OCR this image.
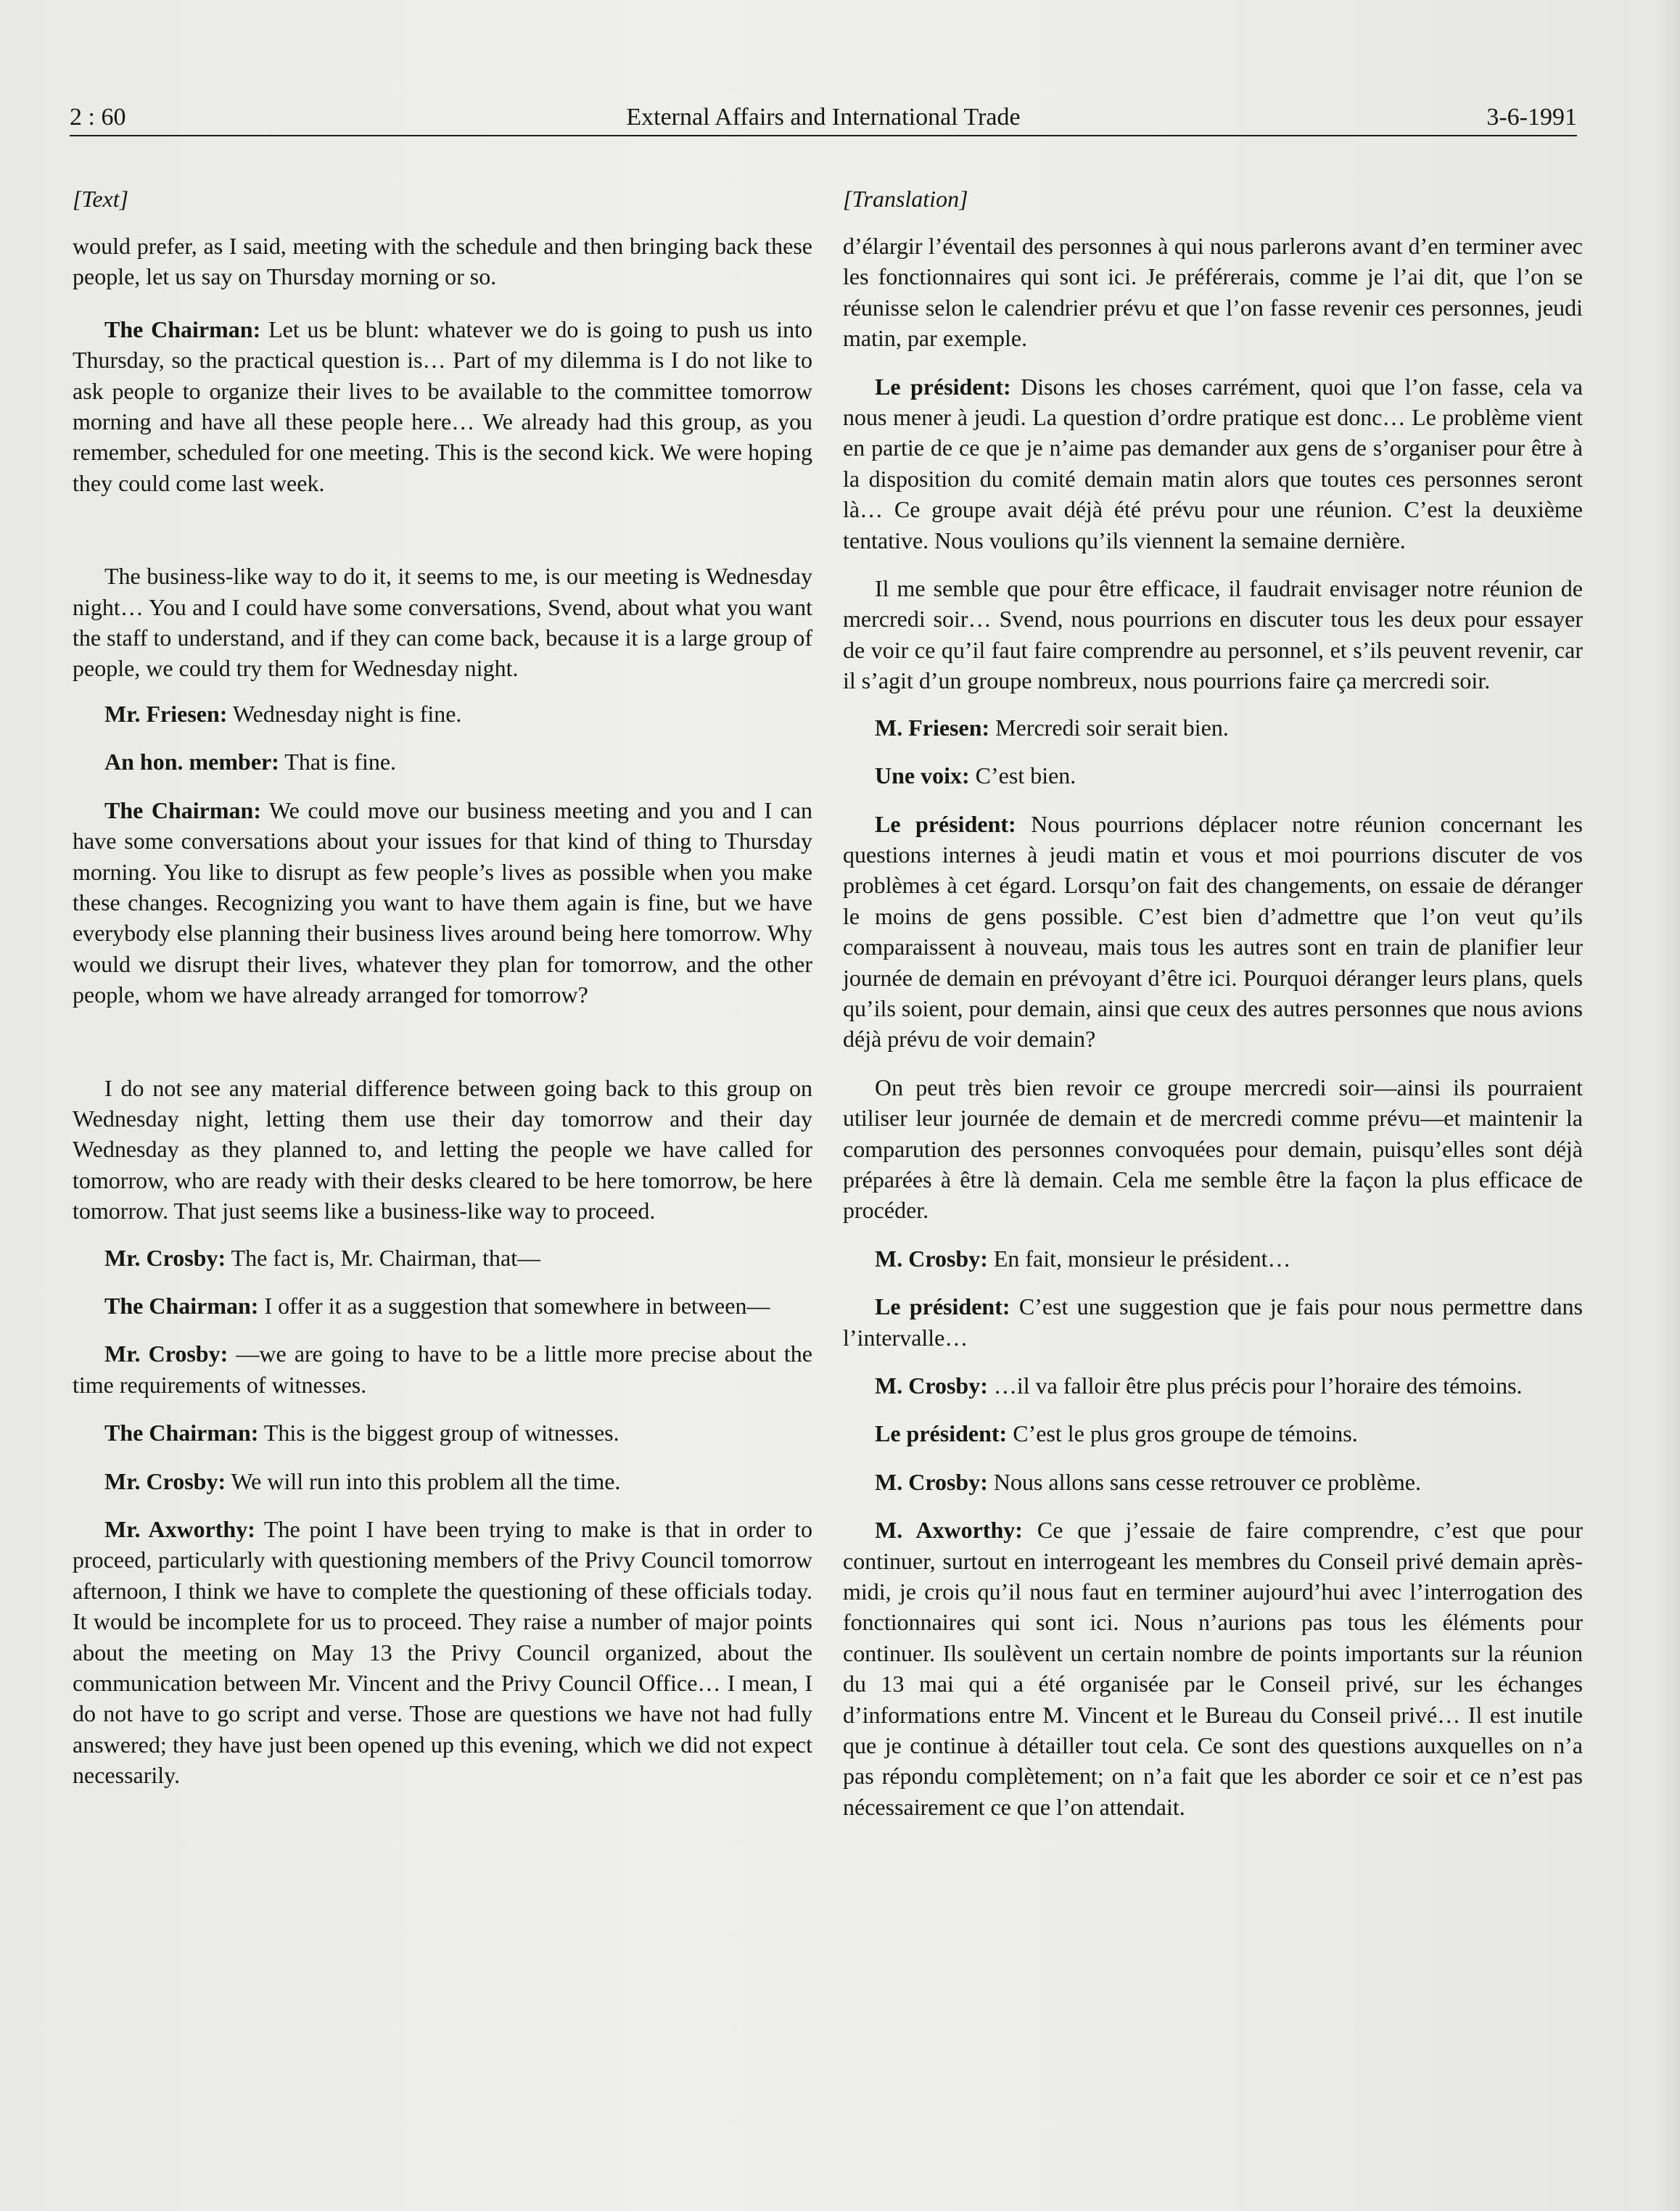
2 : 60	External Affairs and International Trade	3-6-1991
[Text]

would prefer, as I said, meeting with the schedule and then bringing back these people, let us say on Thursday morning or so.

The Chairman: Let us be blunt: whatever we do is going to push us into Thursday, so the practical question is… Part of my dilemma is I do not like to ask people to organize their lives to be available to the committee tomorrow morning and have all these people here… We already had this group, as you remember, scheduled for one meeting. This is the second kick. We were hoping they could come last week.

The business-like way to do it, it seems to me, is our meeting is Wednesday night… You and I could have some conversations, Svend, about what you want the staff to understand, and if they can come back, because it is a large group of people, we could try them for Wednesday night.

Mr. Friesen: Wednesday night is fine.

An hon. member: That is fine.

The Chairman: We could move our business meeting and you and I can have some conversations about your issues for that kind of thing to Thursday morning. You like to disrupt as few people’s lives as possible when you make these changes. Recognizing you want to have them again is fine, but we have everybody else planning their business lives around being here tomorrow. Why would we disrupt their lives, whatever they plan for tomorrow, and the other people, whom we have already arranged for tomorrow?

I do not see any material difference between going back to this group on Wednesday night, letting them use their day tomorrow and their day Wednesday as they planned to, and letting the people we have called for tomorrow, who are ready with their desks cleared to be here tomorrow, be here tomorrow. That just seems like a business-like way to proceed.

Mr. Crosby: The fact is, Mr. Chairman, that—

The Chairman: I offer it as a suggestion that somewhere in between—

Mr. Crosby: —we are going to have to be a little more precise about the time requirements of witnesses.

The Chairman: This is the biggest group of witnesses.

Mr. Crosby: We will run into this problem all the time.

Mr. Axworthy: The point I have been trying to make is that in order to proceed, particularly with questioning members of the Privy Council tomorrow afternoon, I think we have to complete the questioning of these officials today. It would be incomplete for us to proceed. They raise a number of major points about the meeting on May 13 the Privy Council organized, about the communication between Mr. Vincent and the Privy Council Office… I mean, I do not have to go script and verse. Those are questions we have not had fully answered; they have just been opened up this evening, which we did not expect necessarily.

[Translation]

d’élargir l’éventail des personnes à qui nous parlerons avant d’en terminer avec les fonctionnaires qui sont ici. Je préférerais, comme je l’ai dit, que l’on se réunisse selon le calendrier prévu et que l’on fasse revenir ces personnes, jeudi matin, par exemple.

Le président: Disons les choses carrément, quoi que l’on fasse, cela va nous mener à jeudi. La question d’ordre pratique est donc… Le problème vient en partie de ce que je n’aime pas demander aux gens de s’organiser pour être à la disposition du comité demain matin alors que toutes ces personnes seront là… Ce groupe avait déjà été prévu pour une réunion. C’est la deuxième tentative. Nous voulions qu’ils viennent la semaine dernière.

Il me semble que pour être efficace, il faudrait envisager notre réunion de mercredi soir… Svend, nous pourrions en discuter tous les deux pour essayer de voir ce qu’il faut faire comprendre au personnel, et s’ils peuvent revenir, car il s’agit d’un groupe nombreux, nous pourrions faire ça mercredi soir.

M. Friesen: Mercredi soir serait bien.

Une voix: C’est bien.

Le président: Nous pourrions déplacer notre réunion concernant les questions internes à jeudi matin et vous et moi pourrions discuter de vos problèmes à cet égard. Lorsqu’on fait des changements, on essaie de déranger le moins de gens possible. C’est bien d’admettre que l’on veut qu’ils comparaissent à nouveau, mais tous les autres sont en train de planifier leur journée de demain en prévoyant d’être ici. Pourquoi déranger leurs plans, quels qu’ils soient, pour demain, ainsi que ceux des autres personnes que nous avions déjà prévu de voir demain?

On peut très bien revoir ce groupe mercredi soir—ainsi ils pourraient utiliser leur journée de demain et de mercredi comme prévu—et maintenir la comparution des personnes convoquées pour demain, puisqu’elles sont déjà préparées à être là demain. Cela me semble être la façon la plus efficace de procéder.

M. Crosby: En fait, monsieur le président…

Le président: C’est une suggestion que je fais pour nous permettre dans l’intervalle…

M. Crosby: …il va falloir être plus précis pour l’horaire des témoins.

Le président: C’est le plus gros groupe de témoins.

M. Crosby: Nous allons sans cesse retrouver ce problème.

M. Axworthy: Ce que j’essaie de faire comprendre, c’est que pour continuer, surtout en interrogeant les membres du Conseil privé demain après-midi, je crois qu’il nous faut en terminer aujourd’hui avec l’interrogation des fonctionnaires qui sont ici. Nous n’aurions pas tous les éléments pour continuer. Ils soulèvent un certain nombre de points importants sur la réunion du 13 mai qui a été organisée par le Conseil privé, sur les échanges d’informations entre M. Vincent et le Bureau du Conseil privé… Il est inutile que je continue à détailler tout cela. Ce sont des questions auxquelles on n’a pas répondu complètement; on n’a fait que les aborder ce soir et ce n’est pas nécessairement ce que l’on attendait.
